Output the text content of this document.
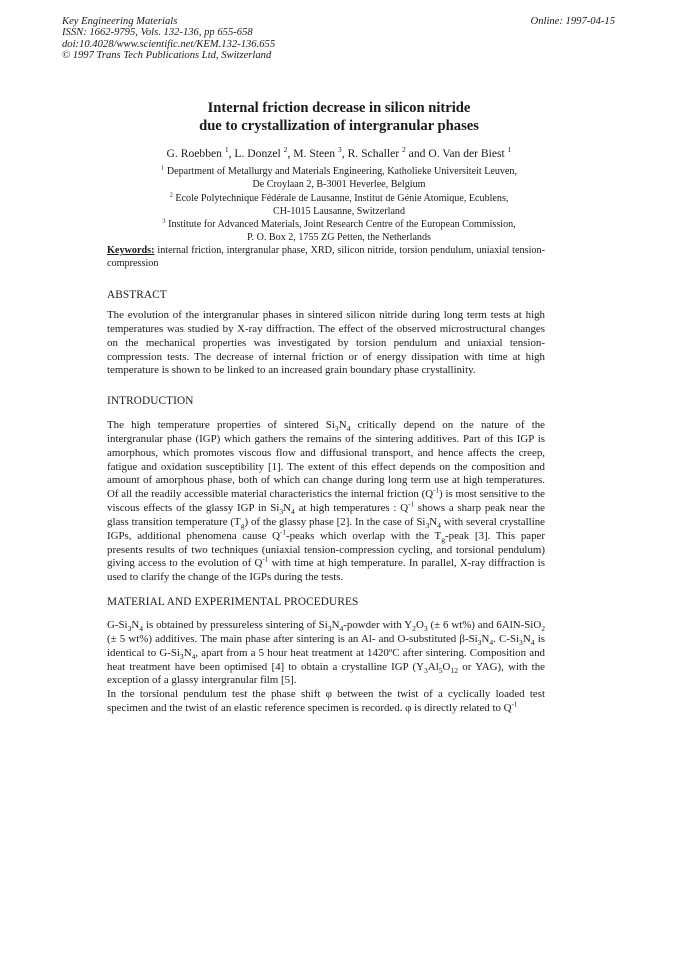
Key Engineering Materials
ISSN: 1662-9795, Vols. 132-136, pp 655-658
doi:10.4028/www.scientific.net/KEM.132-136.655
© 1997 Trans Tech Publications Ltd, Switzerland
Online: 1997-04-15
Internal friction decrease in silicon nitride
due to crystallization of intergranular phases
G. Roebben $^1$, L. Donzel $^2$, M. Steen $^3$, R. Schaller $^2$ and O. Van der Biest $^1$
$^1$ Department of Metallurgy and Materials Engineering, Katholieke Universiteit Leuven,
De Croylaan 2, B-3001 Heverlee, Belgium
$^2$ Ecole Polytechnique Fédérale de Lausanne, Institut de Génie Atomique, Ecublens,
CH-1015 Lausanne, Switzerland
$^3$ Institute for Advanced Materials, Joint Research Centre of the European Commission,
P. O. Box 2, 1755 ZG Petten, the Netherlands
Keywords: internal friction, intergranular phase, XRD, silicon nitride, torsion pendulum, uniaxial tension-compression
ABSTRACT
The evolution of the intergranular phases in sintered silicon nitride during long term tests at high temperatures was studied by X-ray diffraction. The effect of the observed microstructural changes on the mechanical properties was investigated by torsion pendulum and uniaxial tension-compression tests. The decrease of internal friction or of energy dissipation with time at high temperature is shown to be linked to an increased grain boundary phase crystallinity.
INTRODUCTION
The high temperature properties of sintered $Si_3N_4$ critically depend on the nature of the intergranular phase (IGP) which gathers the remains of the sintering additives. Part of this IGP is amorphous, which promotes viscous flow and diffusional transport, and hence affects the creep, fatigue and oxidation susceptibility [1]. The extent of this effect depends on the composition and amount of amorphous phase, both of which can change during long term use at high temperatures. Of all the readily accessible material characteristics the internal friction $(Q^{-1})$ is most sensitive to the viscous effects of the glassy IGP in $Si_3N_4$ at high temperatures : $Q^{-1}$ shows a sharp peak near the glass transition temperature $(T_g)$ of the glassy phase [2]. In the case of $Si_3N_4$ with several crystalline IGPs, additional phenomena cause $Q^{-1}$-peaks which overlap with the $T_g$-peak [3]. This paper presents results of two techniques (uniaxial tension-compression cycling, and torsional pendulum) giving access to the evolution of $Q^{-1}$ with time at high temperature. In parallel, X-ray diffraction is used to clarify the change of the IGPs during the tests.
MATERIAL AND EXPERIMENTAL PROCEDURES
$G-Si_3N_4$ is obtained by pressureless sintering of $Si_3N_4$-powder with $Y_2O_3$ (± 6 wt%) and 6AlN-SiO$_2$ (± 5 wt%) additives. The main phase after sintering is an Al- and O-substituted $\beta-Si_3N_4$. $C-Si_3N_4$ is identical to $G-Si_3N_4$, apart from a 5 hour heat treatment at 1420ºC after sintering. Composition and heat treatment have been optimised [4] to obtain a crystalline IGP ($Y_3Al_5O_{12}$ or YAG), with the exception of a glassy intergranular film [5].
In the torsional pendulum test the phase shift φ between the twist of a cyclically loaded test specimen and the twist of an elastic reference specimen is recorded. φ is directly related to $Q^{-1}$
